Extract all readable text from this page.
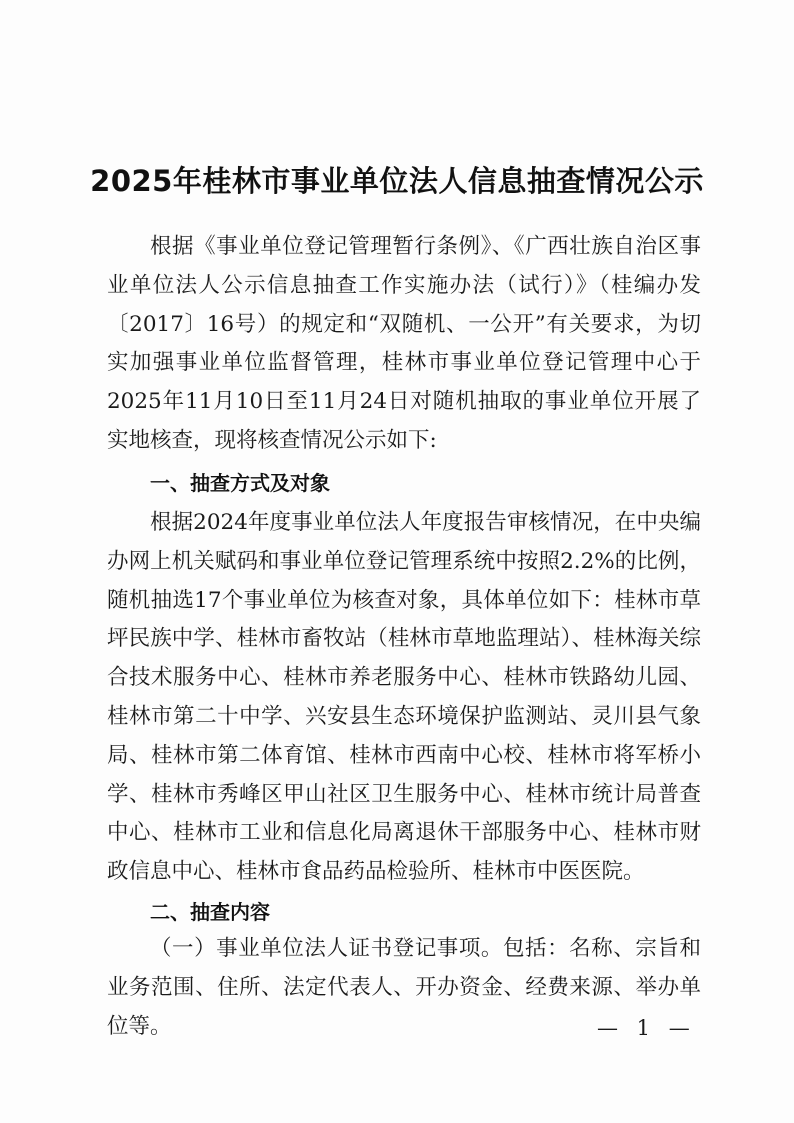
2025年桂林市事业单位法人信息抽查情况公示

根据《事业单位登记管理暂行条例》、《广西壮族自治区事业单位法人公示信息抽查工作实施办法（试行）》（桂编办发〔2017〕16号）的规定和“双随机、一公开”有关要求，为切实加强事业单位监督管理，桂林市事业单位登记管理中心于2025年11月10日至11月24日对随机抽取的事业单位开展了实地核查，现将核查情况公示如下:

一、抽查方式及对象

根据2024年度事业单位法人年度报告审核情况，在中央编办网上机关赋码和事业单位登记管理系统中按照2.2%的比例，随机抽选17个事业单位为核查对象，具体单位如下：桂林市草坪民族中学、桂林市畜牧站（桂林市草地监理站）、桂林海关综合技术服务中心、桂林市养老服务中心、桂林市铁路幼儿园、桂林市第二十中学、兴安县生态环境保护监测站、灵川县气象局、桂林市第二体育馆、桂林市西南中心校、桂林市将军桥小学、桂林市秀峰区甲山社区卫生服务中心、桂林市统计局普查中心、桂林市工业和信息化局离退休干部服务中心、桂林市财政信息中心、桂林市食品药品检验所、桂林市中医医院。

二、抽查内容

（一）事业单位法人证书登记事项。包括：名称、宗旨和业务范围、住所、法定代表人、开办资金、经费来源、举办单位等。	— 1 —
